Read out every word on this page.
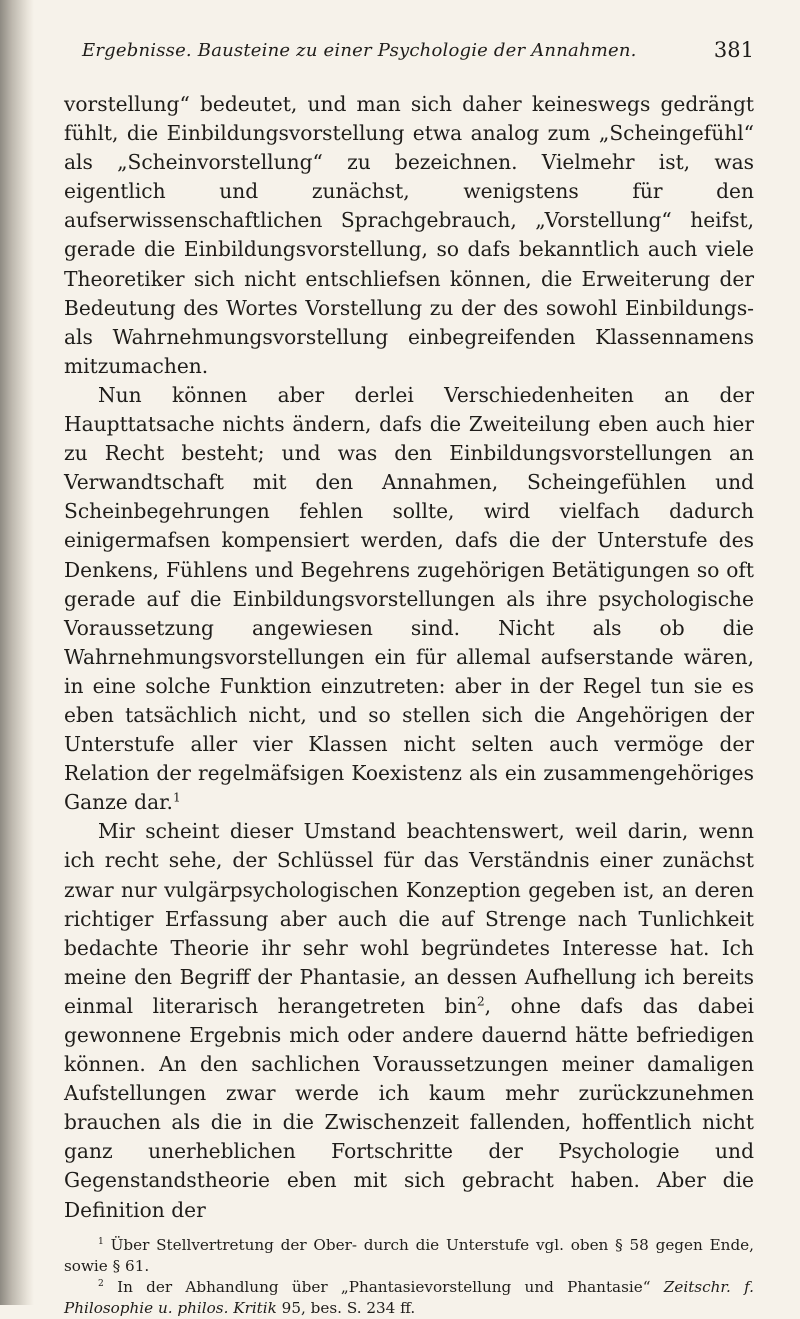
Ergebnisse. Bausteine zu einer Psychologie der Annahmen.	381

vorstellung“ bedeutet, und man sich daher keineswegs gedrängt fühlt, die Einbildungsvorstellung etwa analog zum „Scheingefühl“ als „Scheinvorstellung“ zu bezeichnen. Vielmehr ist, was eigentlich und zunächst, wenigstens für den aufserwissenschaftlichen Sprachgebrauch, „Vorstellung“ heifst, gerade die Einbildungsvorstellung, so dafs bekanntlich auch viele Theoretiker sich nicht entschliefsen können, die Erweiterung der Bedeutung des Wortes Vorstellung zu der des sowohl Einbildungs- als Wahrnehmungsvorstellung einbegreifenden Klassennamens mitzumachen.

Nun können aber derlei Verschiedenheiten an der Haupttatsache nichts ändern, dafs die Zweiteilung eben auch hier zu Recht besteht; und was den Einbildungsvorstellungen an Verwandtschaft mit den Annahmen, Scheingefühlen und Scheinbegehrungen fehlen sollte, wird vielfach dadurch einigermafsen kompensiert werden, dafs die der Unterstufe des Denkens, Fühlens und Begehrens zugehörigen Betätigungen so oft gerade auf die Einbildungsvorstellungen als ihre psychologische Voraussetzung angewiesen sind. Nicht als ob die Wahrnehmungsvorstellungen ein für allemal aufserstande wären, in eine solche Funktion einzutreten: aber in der Regel tun sie es eben tatsächlich nicht, und so stellen sich die Angehörigen der Unterstufe aller vier Klassen nicht selten auch vermöge der Relation der regelmäfsigen Koexistenz als ein zusammengehöriges Ganze dar.$^1$

Mir scheint dieser Umstand beachtenswert, weil darin, wenn ich recht sehe, der Schlüssel für das Verständnis einer zunächst zwar nur vulgärpsychologischen Konzeption gegeben ist, an deren richtiger Erfassung aber auch die auf Strenge nach Tunlichkeit bedachte Theorie ihr sehr wohl begründetes Interesse hat. Ich meine den Begriff der Phantasie, an dessen Aufhellung ich bereits einmal literarisch herangetreten bin$^2$, ohne dafs das dabei gewonnene Ergebnis mich oder andere dauernd hätte befriedigen können. An den sachlichen Voraussetzungen meiner damaligen Aufstellungen zwar werde ich kaum mehr zurückzunehmen brauchen als die in die Zwischenzeit fallenden, hoffentlich nicht ganz unerheblichen Fortschritte der Psychologie und Gegenstandstheorie eben mit sich gebracht haben. Aber die Definition der

$^1$ Über Stellvertretung der Ober- durch die Unterstufe vgl. oben § 58 gegen Ende, sowie § 61.

$^2$ In der Abhandlung über „Phantasievorstellung und Phantasie“ Zeitschr. f. Philosophie u. philos. Kritik 95, bes. S. 234 ff.
